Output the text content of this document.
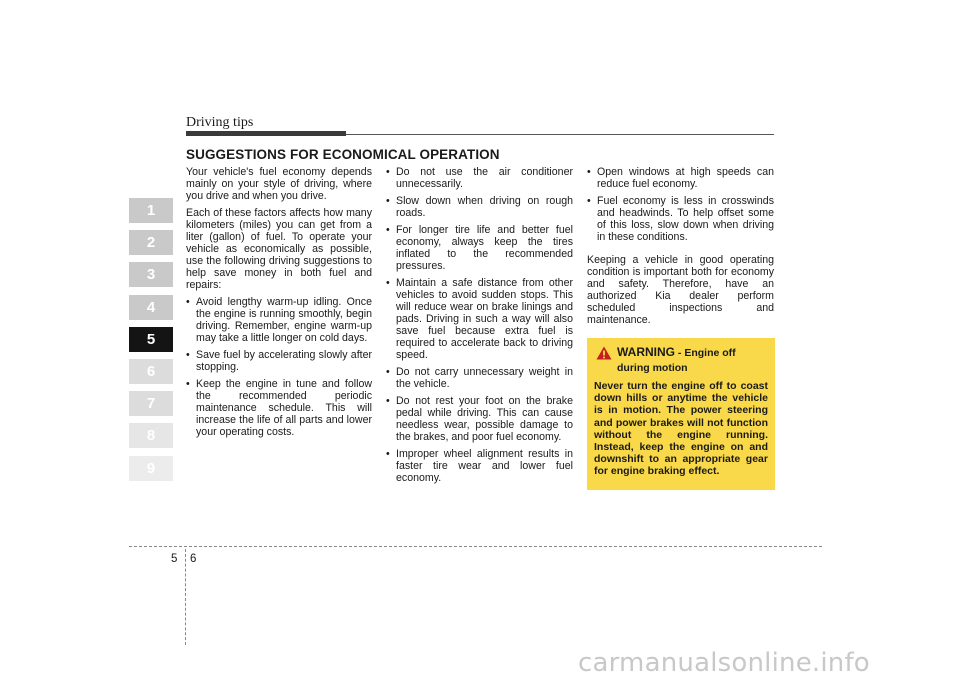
Driving tips
SUGGESTIONS FOR ECONOMICAL OPERATION
1
2
3
4
5
6
7
8
9

Your vehicle's fuel economy depends mainly on your style of driving, where you drive and when you drive.

Each of these factors affects how many kilometers (miles) you can get from a liter (gallon) of fuel. To operate your vehicle as economically as possible, use the following driving suggestions to help save money in both fuel and repairs:

• Avoid lengthy warm-up idling. Once the engine is running smoothly, begin driving. Remember, engine warm-up may take a little longer on cold days.
• Save fuel by accelerating slowly after stopping.
• Keep the engine in tune and follow the recommended periodic maintenance schedule. This will increase the life of all parts and lower your operating costs.
• Do not use the air conditioner unnecessarily.
• Slow down when driving on rough roads.
• For longer tire life and better fuel economy, always keep the tires inflated to the recommended pressures.
• Maintain a safe distance from other vehicles to avoid sudden stops. This will reduce wear on brake linings and pads. Driving in such a way will also save fuel because extra fuel is required to accelerate back to driving speed.
• Do not carry unnecessary weight in the vehicle.
• Do not rest your foot on the brake pedal while driving. This can cause needless wear, possible damage to the brakes, and poor fuel economy.
• Improper wheel alignment results in faster tire wear and lower fuel economy.
• Open windows at high speeds can reduce fuel economy.
• Fuel economy is less in crosswinds and headwinds. To help offset some of this loss, slow down when driving in these conditions.

Keeping a vehicle in good operating condition is important both for economy and safety. Therefore, have an authorized Kia dealer perform scheduled inspections and maintenance.

WARNING - Engine off
during motion
Never turn the engine off to coast down hills or anytime the vehicle is in motion. The power steering and power brakes will not function without the engine running. Instead, keep the engine on and downshift to an appropriate gear for engine braking effect.
5 6
carmanualsonline.info
